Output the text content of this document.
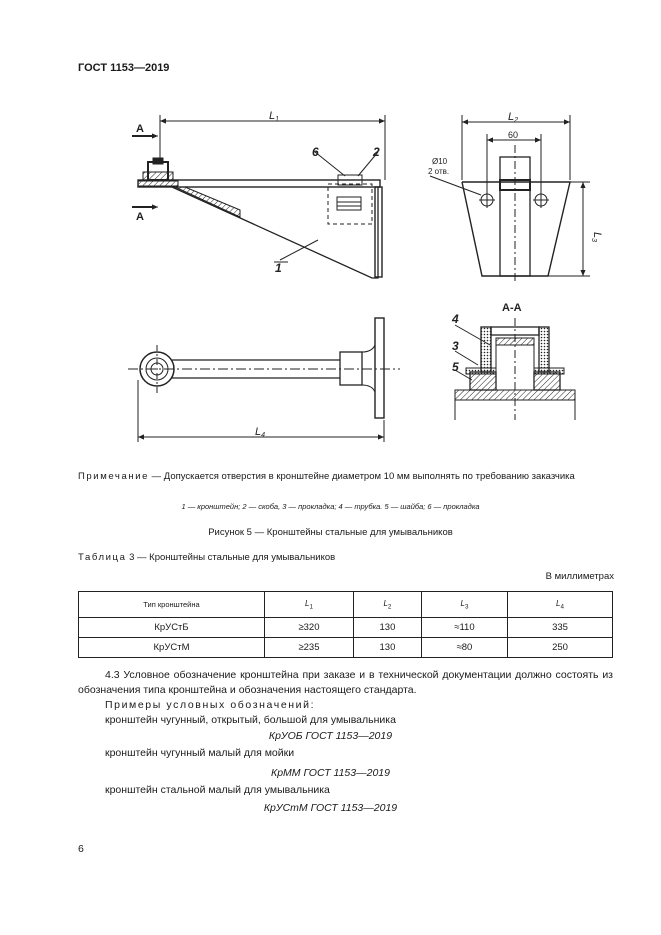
ГОСТ 1153—2019
L1
А
А
6	2
1
L4
L2
60
Ø10
2 отв.
L3
А-А
4
3
5
Примечание — Допускается отверстия в кронштейне диаметром 10 мм выполнять по требованию заказчика
1 — кронштейн; 2 — скоба, 3 — прокладка; 4 — трубка. 5 — шайба; 6 — прокладка
Рисунок 5 — Кронштейны стальные для умывальников
Таблица 3 — Кронштейны стальные для умывальников
В миллиметрах
Тип кронштейна	$L_1$	$L_2$	$L_3$	$L_4$
КрУСтБ	≥320	130	≈110	335
КрУСтМ	≥235	130	≈80	250

4.3 Условное обозначение кронштейна при заказе и в технической документации должно состоять из обозначения типа кронштейна и обозначения настоящего стандарта.

Примеры условных обозначений:

кронштейн чугунный, открытый, большой для умывальника

КрУОБ ГОСТ 1153—2019

кронштейн чугунный малый для мойки

КрММ ГОСТ 1153—2019

кронштейн стальной малый для умывальника

КрУСтМ ГОСТ 1153—2019
6
